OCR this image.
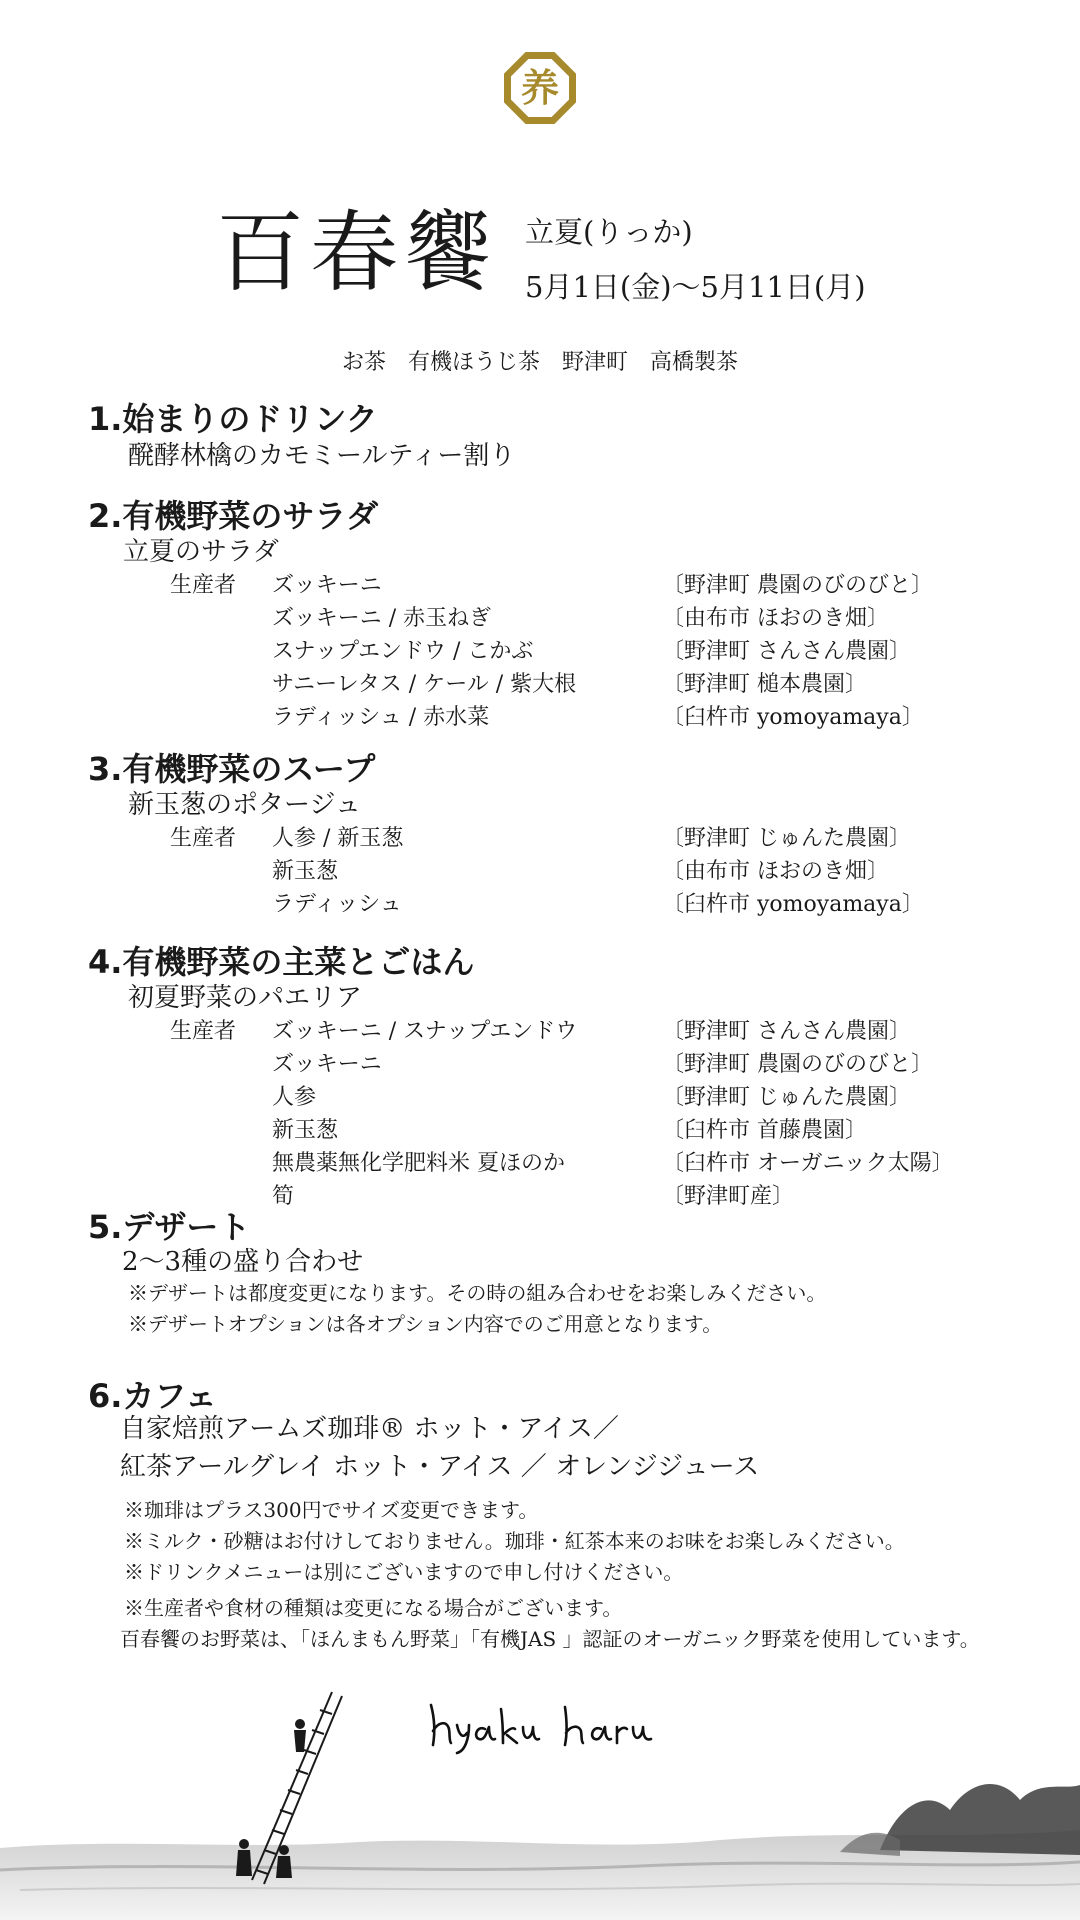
养
百春饗 立夏(りっか)
5月1日(金)〜5月11日(月)
お茶　有機ほうじ茶　野津町　高橋製茶
1.始まりのドリンク
醗酵林檎のカモミールティー割り
2.有機野菜のサラダ
立夏のサラダ
生産者 ズッキーニ	〔野津町 農園のびのびと〕
ズッキーニ / 赤玉ねぎ	〔由布市 ほおのき畑〕
スナップエンドウ / こかぶ	〔野津町 さんさん農園〕
サニーレタス / ケール / 紫大根	〔野津町 槌本農園〕
ラディッシュ / 赤水菜	〔臼杵市 yomoyamaya〕
3.有機野菜のスープ
新玉葱のポタージュ
生産者 人参 / 新玉葱	〔野津町 じゅんた農園〕
新玉葱	〔由布市 ほおのき畑〕
ラディッシュ	〔臼杵市 yomoyamaya〕
4.有機野菜の主菜とごはん
初夏野菜のパエリア
生産者 ズッキーニ / スナップエンドウ	〔野津町 さんさん農園〕
ズッキーニ	〔野津町 農園のびのびと〕
人参	〔野津町 じゅんた農園〕
新玉葱	〔臼杵市 首藤農園〕
無農薬無化学肥料米 夏ほのか	〔臼杵市 オーガニック太陽〕
筍	〔野津町産〕
5.デザート
2〜3種の盛り合わせ
※デザートは都度変更になります。その時の組み合わせをお楽しみください。
※デザートオプションは各オプション内容でのご用意となります。
6.カフェ
自家焙煎アームズ珈琲® ホット・アイス／
紅茶アールグレイ ホット・アイス ／ オレンジジュース
※珈琲はプラス300円でサイズ変更できます。
※ミルク・砂糖はお付けしておりません。珈琲・紅茶本来のお味をお楽しみください。
※ドリンクメニューは別にございますので申し付けください。
※生産者や食材の種類は変更になる場合がございます。
百春饗のお野菜は、「ほんまもん野菜」「有機JAS 」認証のオーガニック野菜を使用しています。
